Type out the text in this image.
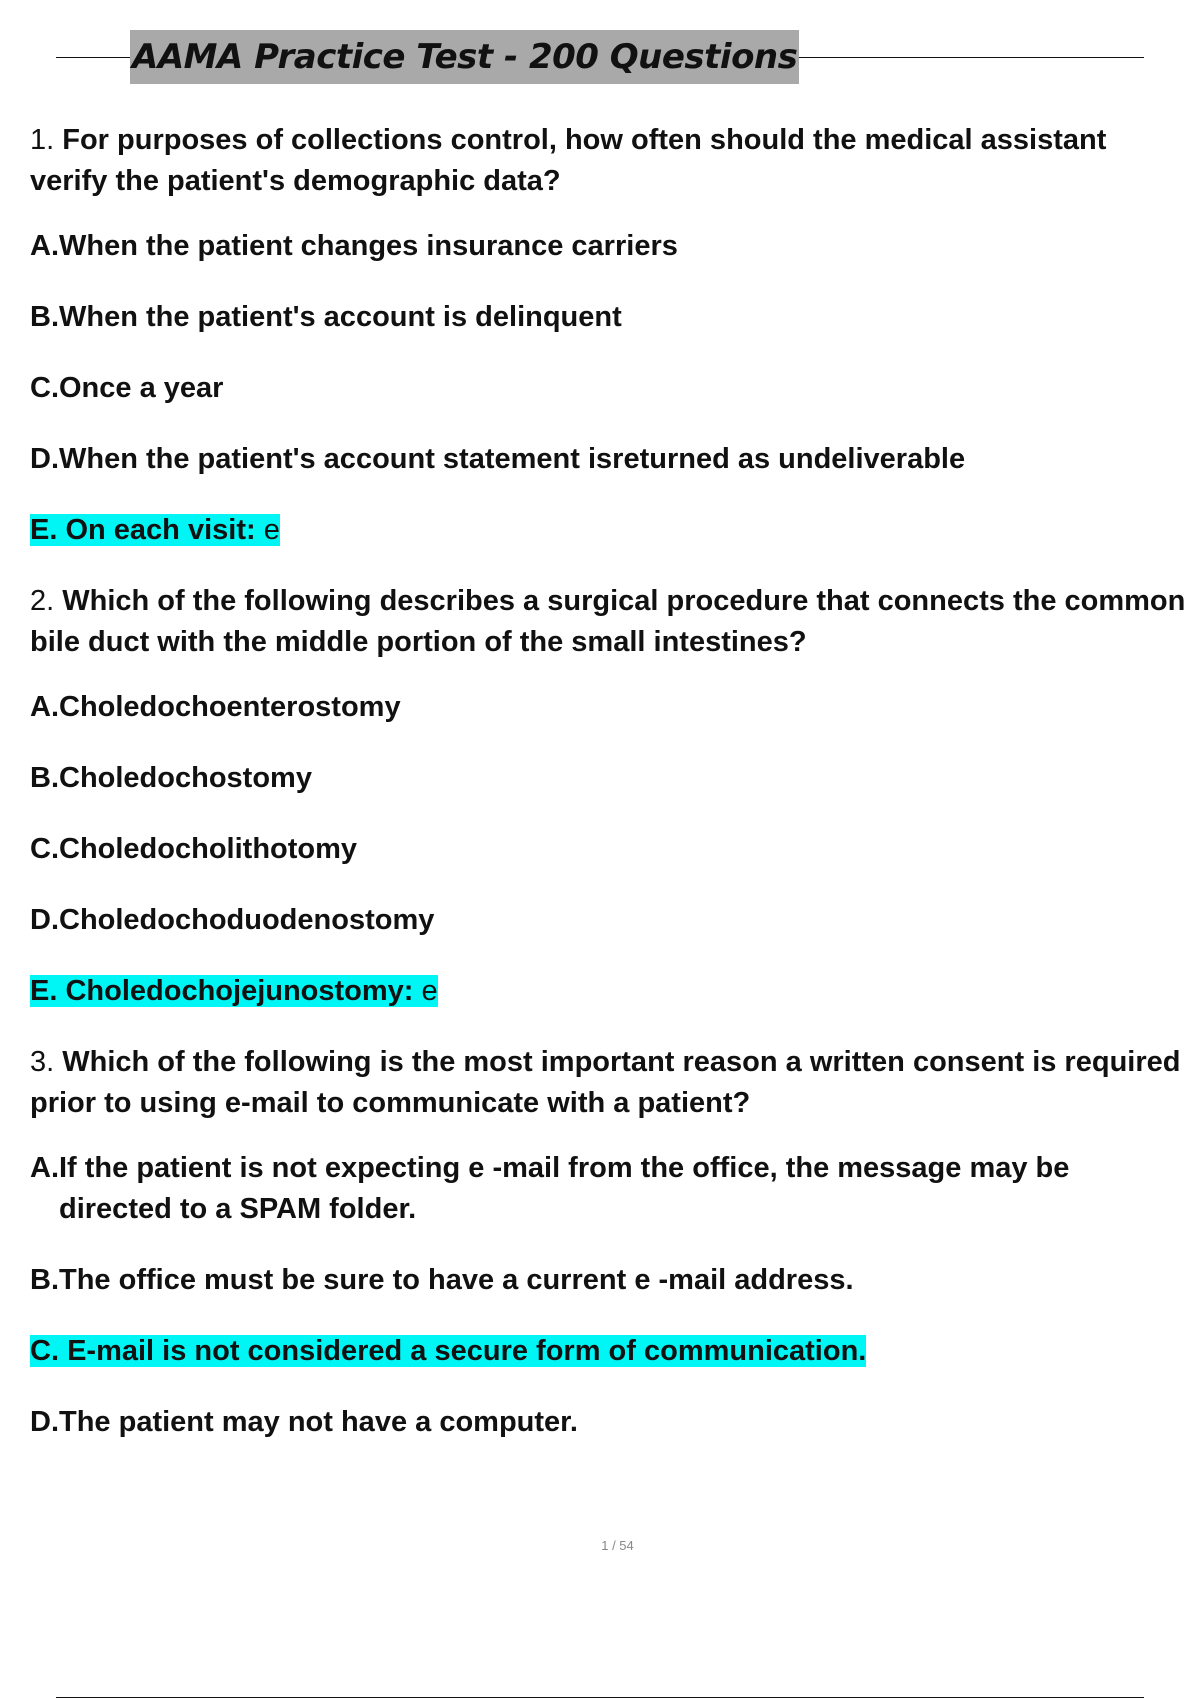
AAMA Practice Test - 200 Questions
1. For purposes of collections control, how often should the medical assistant verify the patient's demographic data?
A. When the patient changes insurance carriers
B. When the patient's account is delinquent
C. Once a year
D. When the patient's account statement isreturned as undeliverable
E. On each visit: e
2. Which of the following describes a surgical procedure that connects the common bile duct with the middle portion of the small intestines?
A. Choledochoenterostomy
B. Choledochostomy
C. Choledocholithotomy
D. Choledochoduodenostomy
E. Choledochojejunostomy: e
3. Which of the following is the most important reason a written consent is required prior to using e-mail to communicate with a patient?
A. If the patient is not expecting e -mail from the office, the message may be directed to a SPAM folder.
B. The office must be sure to have a current e -mail address.
C. E-mail is not considered a secure form of communication.
D. The patient may not have a computer.
1 / 54
